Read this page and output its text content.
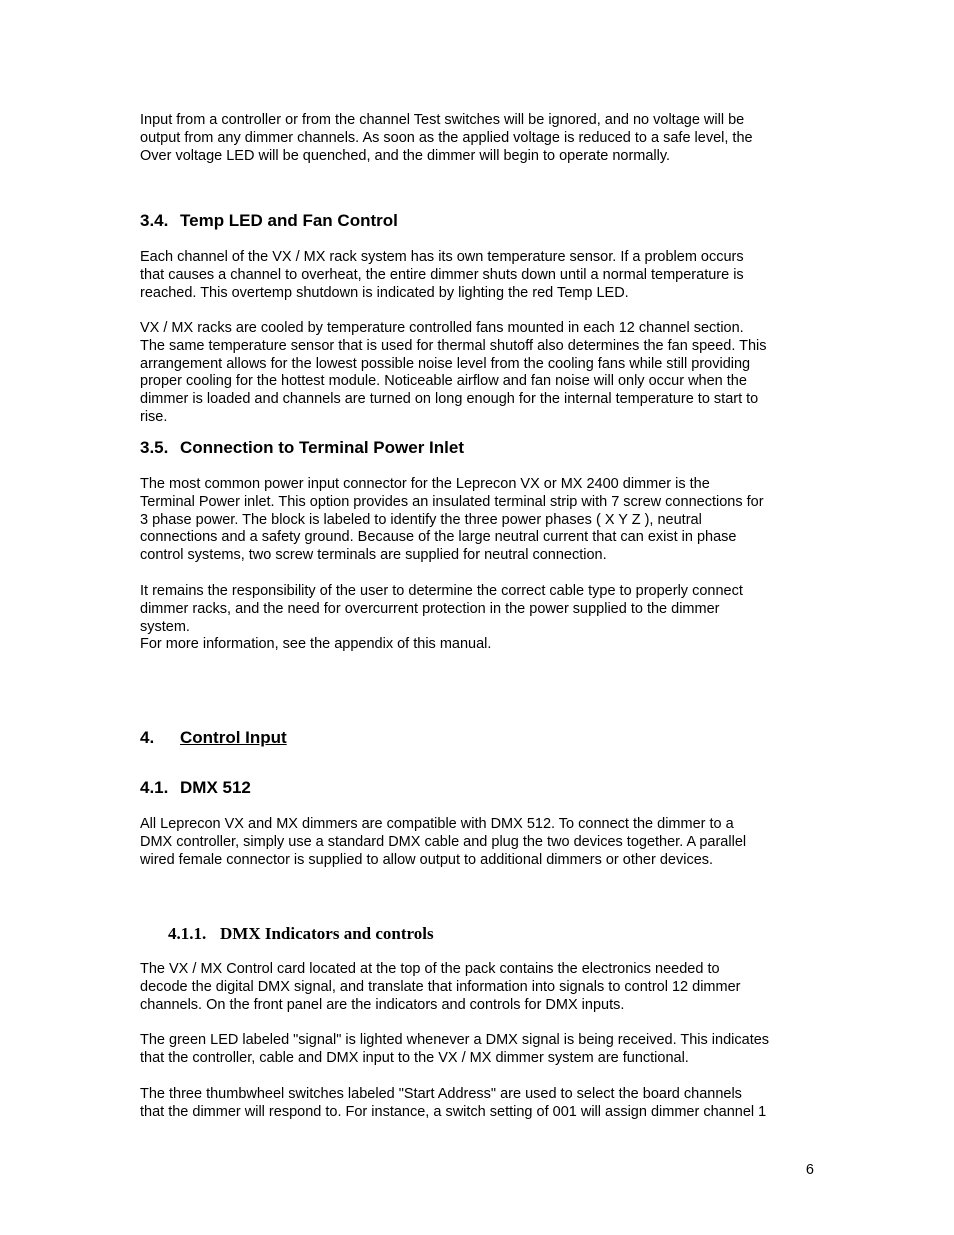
Input from a controller or from the channel Test switches will be ignored, and no voltage will be
output from any dimmer channels. As soon as the applied voltage is reduced to a safe level, the
Over voltage LED will be quenched, and the dimmer will begin to operate normally.
3.4. Temp LED and Fan Control
Each channel of the VX / MX rack system has its own temperature sensor. If a problem occurs
that causes a channel to overheat, the entire dimmer shuts down until a normal temperature is
reached. This overtemp shutdown is indicated by lighting the red Temp LED.
VX / MX racks are cooled by temperature controlled fans mounted in each 12 channel section.
The same temperature sensor that is used for thermal shutoff also determines the fan speed. This
arrangement allows for the lowest possible noise level from the cooling fans while still providing
proper cooling for the hottest module. Noticeable airflow and fan noise will only occur when the
dimmer is loaded and channels are turned on long enough for the internal temperature to start to
rise.
3.5. Connection to Terminal Power Inlet
The most common power input connector for the Leprecon VX or MX 2400 dimmer is the
Terminal Power inlet. This option provides an insulated terminal strip with 7 screw connections for
3 phase power. The block is labeled to identify the three power phases ( X Y Z ), neutral
connections and a safety ground. Because of the large neutral current that can exist in phase
control systems, two screw terminals are supplied for neutral connection.
It remains the responsibility of the user to determine the correct cable type to properly connect
dimmer racks, and the need for overcurrent protection in the power supplied to the dimmer
system.
For more information, see the appendix of this manual.
4. Control Input
4.1. DMX 512
All Leprecon VX and MX dimmers are compatible with DMX 512. To connect the dimmer to a
DMX controller, simply use a standard DMX cable and plug the two devices together. A parallel
wired female connector is supplied to allow output to additional dimmers or other devices.
4.1.1. DMX Indicators and controls
The VX / MX Control card located at the top of the pack contains the electronics needed to
decode the digital DMX signal, and translate that information into signals to control 12 dimmer
channels. On the front panel are the indicators and controls for DMX inputs.
The green LED labeled "signal" is lighted whenever a DMX signal is being received. This indicates
that the controller, cable and DMX input to the VX / MX dimmer system are functional.
The three thumbwheel switches labeled "Start Address" are used to select the board channels
that the dimmer will respond to. For instance, a switch setting of 001 will assign dimmer channel 1
6
